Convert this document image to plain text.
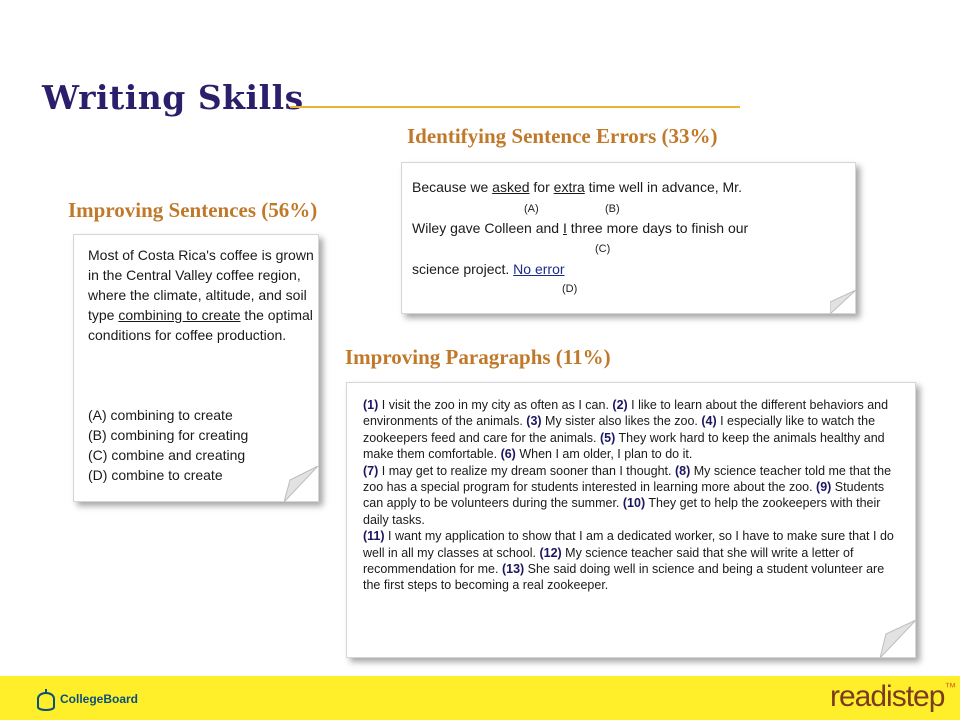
Writing Skills
Identifying Sentence Errors (33%)
Because we asked for extra time well in advance, Mr.
(A)	(B)
Wiley gave Colleen and I three more days to finish our
(C)
science project. No error
(D)
Improving Sentences (56%)
Most of Costa Rica's coffee is grown in the Central Valley coffee region, where the climate, altitude, and soil type combining to create the optimal conditions for coffee production.
(A) combining to create
(B) combining for creating
(C) combine and creating
(D) combine to create
Improving Paragraphs (11%)
(1) I visit the zoo in my city as often as I can. (2) I like to learn about the different behaviors and environments of the animals. (3) My sister also likes the zoo. (4) I especially like to watch the zookeepers feed and care for the animals. (5) They work hard to keep the animals healthy and make them comfortable. (6) When I am older, I plan to do it.
(7) I may get to realize my dream sooner than I thought. (8) My science teacher told me that the zoo has a special program for students interested in learning more about the zoo. (9) Students can apply to be volunteers during the summer. (10) They get to help the zookeepers with their daily tasks.
(11) I want my application to show that I am a dedicated worker, so I have to make sure that I do well in all my classes at school. (12) My science teacher said that she will write a letter of recommendation for me. (13) She said doing well in science and being a student volunteer are the first steps to becoming a real zookeeper.
CollegeBoard	readistep™
